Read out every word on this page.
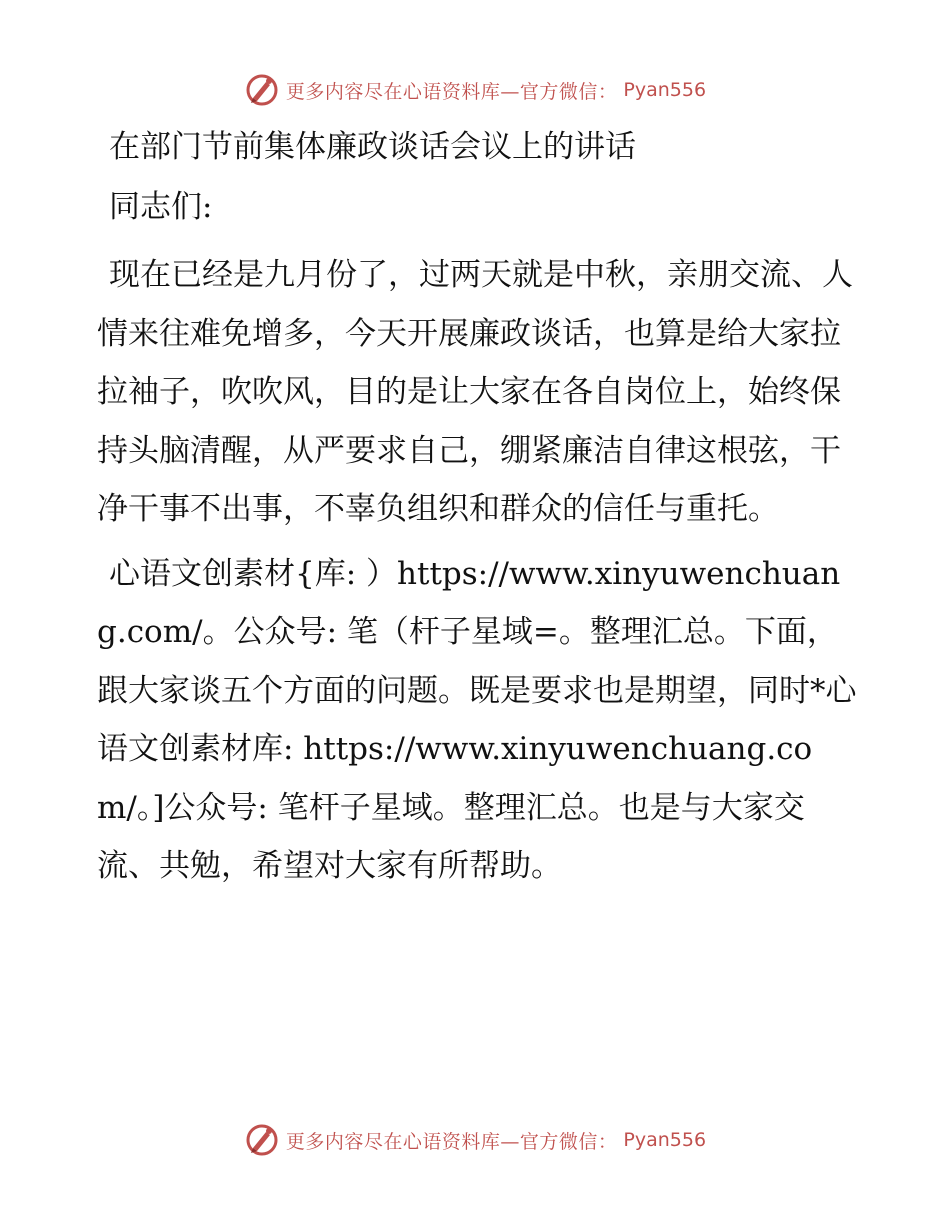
更多内容尽在心语资料库—官方微信： Pyan556
在部门节前集体廉政谈话会议上的讲话
同志们:

现在已经是九月份了，过两天就是中秋，亲朋交流、人情来往难免增多，今天开展廉政谈话，也算是给大家拉拉袖子，吹吹风，目的是让大家在各自岗位上，始终保持头脑清醒，从严要求自己，绷紧廉洁自律这根弦，干净干事不出事，不辜负组织和群众的信任与重托。

心语文创素材{库: ）https://www.xinyuwenchuang.com/。公众号: 笔（杆子星域=。整理汇总。下面，跟大家谈五个方面的问题。既是要求也是期望，同时*心语文创素材库: https://www.xinyuwenchuang.com/。]公众号: 笔杆子星域。整理汇总。也是与大家交流、共勉，希望对大家有所帮助。

更多内容尽在心语资料库—官方微信： Pyan556
